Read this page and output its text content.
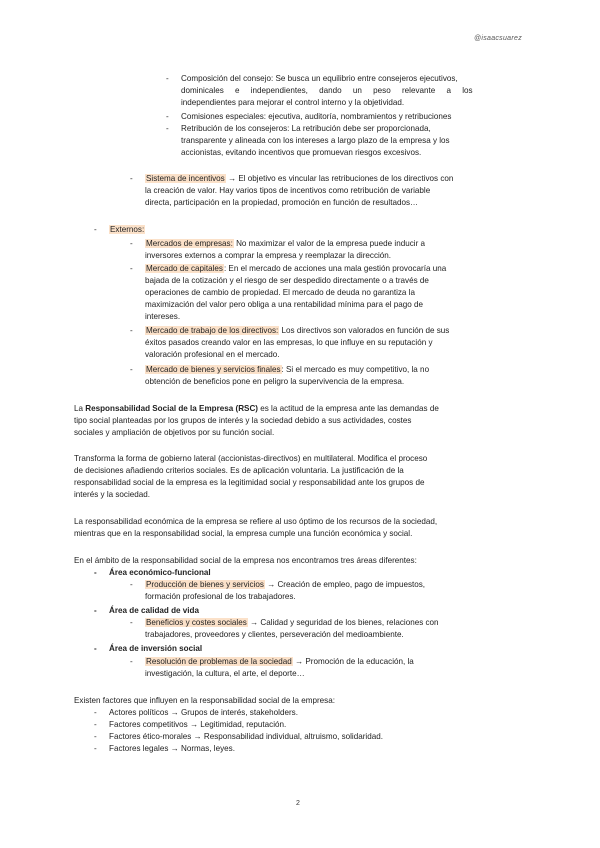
@isaacsuarez
- Composición del consejo: Se busca un equilibrio entre consejeros ejecutivos,
dominicales e independientes, dando un peso relevante a los
independientes para mejorar el control interno y la objetividad.
- Comisiones especiales: ejecutiva, auditoría, nombramientos y retribuciones
- Retribución de los consejeros: La retribución debe ser proporcionada,
transparente y alineada con los intereses a largo plazo de la empresa y los
accionistas, evitando incentivos que promuevan riesgos excesivos.
- Sistema de incentivos → El objetivo es vincular las retribuciones de los directivos con
la creación de valor. Hay varios tipos de incentivos como retribución de variable
directa, participación en la propiedad, promoción en función de resultados…
- Externos:
- Mercados de empresas: No maximizar el valor de la empresa puede inducir a
inversores externos a comprar la empresa y reemplazar la dirección.
- Mercado de capitales: En el mercado de acciones una mala gestión provocaría una
bajada de la cotización y el riesgo de ser despedido directamente o a través de
operaciones de cambio de propiedad. El mercado de deuda no garantiza la
maximización del valor pero obliga a una rentabilidad mínima para el pago de
intereses.
- Mercado de trabajo de los directivos: Los directivos son valorados en función de sus
éxitos pasados creando valor en las empresas, lo que influye en su reputación y
valoración profesional en el mercado.
- Mercado de bienes y servicios finales: Si el mercado es muy competitivo, la no
obtención de beneficios pone en peligro la supervivencia de la empresa.
La Responsabilidad Social de la Empresa (RSC) es la actitud de la empresa ante las demandas de
tipo social planteadas por los grupos de interés y la sociedad debido a sus actividades, costes
sociales y ampliación de objetivos por su función social.
Transforma la forma de gobierno lateral (accionistas-directivos) en multilateral. Modifica el proceso
de decisiones añadiendo criterios sociales. Es de aplicación voluntaria. La justificación de la
responsabilidad social de la empresa es la legitimidad social y responsabilidad ante los grupos de
interés y la sociedad.
La responsabilidad económica de la empresa se refiere al uso óptimo de los recursos de la sociedad,
mientras que en la responsabilidad social, la empresa cumple una función económica y social.
En el ámbito de la responsabilidad social de la empresa nos encontramos tres áreas diferentes:
- Área económico-funcional
- Producción de bienes y servicios → Creación de empleo, pago de impuestos,
formación profesional de los trabajadores.
- Área de calidad de vida
- Beneficios y costes sociales → Calidad y seguridad de los bienes, relaciones con
trabajadores, proveedores y clientes, perseveración del medioambiente.
- Área de inversión social
- Resolución de problemas de la sociedad → Promoción de la educación, la
investigación, la cultura, el arte, el deporte…
Existen factores que influyen en la responsabilidad social de la empresa:
- Actores políticos → Grupos de interés, stakeholders.
- Factores competitivos → Legitimidad, reputación.
- Factores ético-morales → Responsabilidad individual, altruismo, solidaridad.
- Factores legales → Normas, leyes.
2
